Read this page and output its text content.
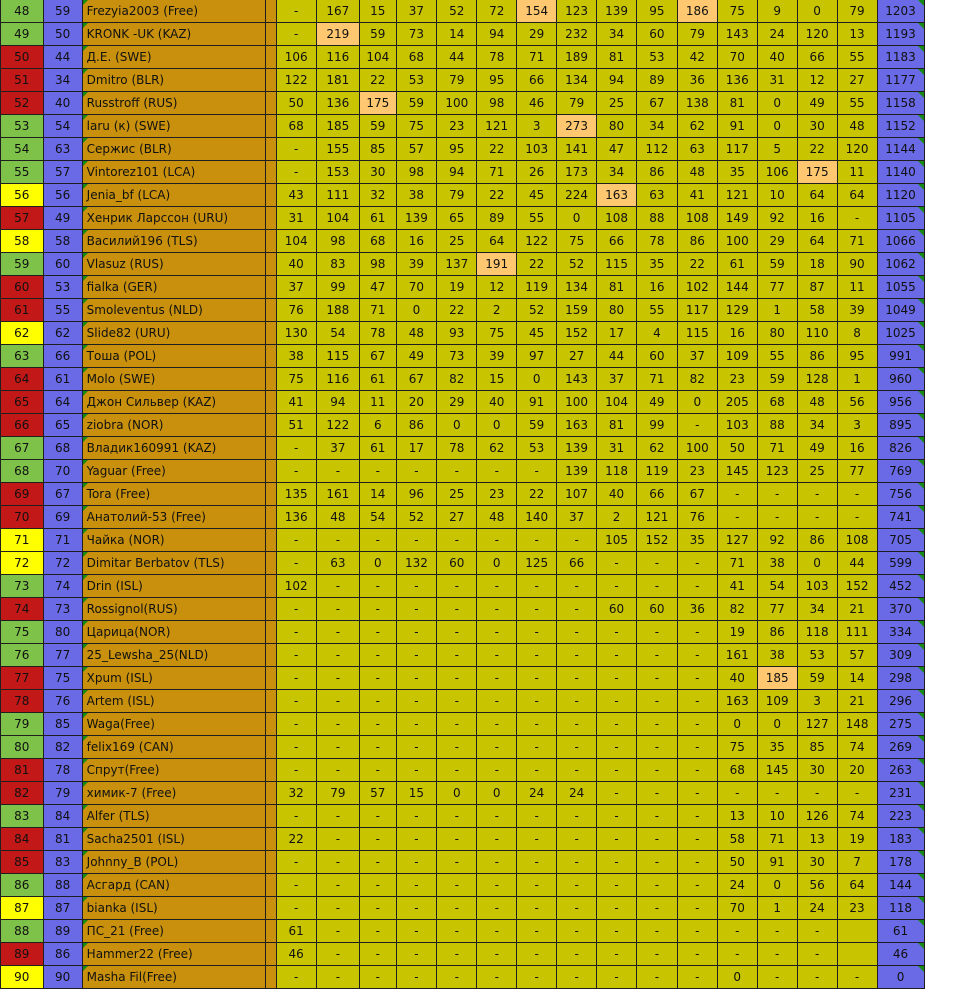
48	59	Frezyia2003 (Free)		-	167	15	37	52	72	154	123	139	95	186	75	9	0	79	1203
49	50	KRONK -UK (KAZ)		-	219	59	73	14	94	29	232	34	60	79	143	24	120	13	1193
50	44	Д.Е. (SWE)		106	116	104	68	44	78	71	189	81	53	42	70	40	66	55	1183
51	34	Dmitro (BLR)		122	181	22	53	79	95	66	134	94	89	36	136	31	12	27	1177
52	40	Russtroff (RUS)		50	136	175	59	100	98	46	79	25	67	138	81	0	49	55	1158
53	54	laru (к) (SWE)		68	185	59	75	23	121	3	273	80	34	62	91	0	30	48	1152
54	63	Сержис (BLR)		-	155	85	57	95	22	103	141	47	112	63	117	5	22	120	1144
55	57	Vintorez101 (LCA)		-	153	30	98	94	71	26	173	34	86	48	35	106	175	11	1140
56	56	Jenia_bf (LCA)		43	111	32	38	79	22	45	224	163	63	41	121	10	64	64	1120
57	49	Хенрик Ларссон (URU)		31	104	61	139	65	89	55	0	108	88	108	149	92	16	-	1105
58	58	Василий196 (TLS)		104	98	68	16	25	64	122	75	66	78	86	100	29	64	71	1066
59	60	Vlasuz (RUS)		40	83	98	39	137	191	22	52	115	35	22	61	59	18	90	1062
60	53	fialka (GER)		37	99	47	70	19	12	119	134	81	16	102	144	77	87	11	1055
61	55	Smoleventus (NLD)		76	188	71	0	22	2	52	159	80	55	117	129	1	58	39	1049
62	62	Slide82 (URU)		130	54	78	48	93	75	45	152	17	4	115	16	80	110	8	1025
63	66	Тоша (POL)		38	115	67	49	73	39	97	27	44	60	37	109	55	86	95	991
64	61	Molo (SWE)		75	116	61	67	82	15	0	143	37	71	82	23	59	128	1	960
65	64	Джон Сильвер (KAZ)		41	94	11	20	29	40	91	100	104	49	0	205	68	48	56	956
66	65	ziobra (NOR)		51	122	6	86	0	0	59	163	81	99	-	103	88	34	3	895
67	68	Владик160991 (KAZ)		-	37	61	17	78	62	53	139	31	62	100	50	71	49	16	826
68	70	Yaguar (Free)		-	-	-	-	-	-	-	139	118	119	23	145	123	25	77	769
69	67	Tora (Free)		135	161	14	96	25	23	22	107	40	66	67	-	-	-	-	756
70	69	Анатолий-53 (Free)		136	48	54	52	27	48	140	37	2	121	76	-	-	-	-	741
71	71	Чайка (NOR)		-	-	-	-	-	-	-	-	105	152	35	127	92	86	108	705
72	72	Dimitar Berbatov (TLS)		-	63	0	132	60	0	125	66	-	-	-	71	38	0	44	599
73	74	Drin (ISL)		102	-	-	-	-	-	-	-	-	-	-	41	54	103	152	452
74	73	Rossignol(RUS)		-	-	-	-	-	-	-	-	60	60	36	82	77	34	21	370
75	80	Царица(NOR)		-	-	-	-	-	-	-	-	-	-	-	19	86	118	111	334
76	77	25_Lewsha_25(NLD)		-	-	-	-	-	-	-	-	-	-	-	161	38	53	57	309
77	75	Хрum (ISL)		-	-	-	-	-	-	-	-	-	-	-	40	185	59	14	298
78	76	Artem (ISL)		-	-	-	-	-	-	-	-	-	-	-	163	109	3	21	296
79	85	Waga(Free)		-	-	-	-	-	-	-	-	-	-	-	0	0	127	148	275
80	82	felix169 (CAN)		-	-	-	-	-	-	-	-	-	-	-	75	35	85	74	269
81	78	Спрут(Free)		-	-	-	-	-	-	-	-	-	-	-	68	145	30	20	263
82	79	химик-7 (Free)		32	79	57	15	0	0	24	24	-	-	-	-	-	-	-	231
83	84	Alfer (TLS)		-	-	-	-	-	-	-	-	-	-	-	13	10	126	74	223
84	81	Sacha2501 (ISL)		22	-	-	-	-	-	-	-	-	-	-	58	71	13	19	183
85	83	Johnny_B (POL)		-	-	-	-	-	-	-	-	-	-	-	50	91	30	7	178
86	88	Асгард (CAN)		-	-	-	-	-	-	-	-	-	-	-	24	0	56	64	144
87	87	bianka (ISL)		-	-	-	-	-	-	-	-	-	-	-	70	1	24	23	118
88	89	ПС_21 (Free)		61	-	-	-	-	-	-	-	-	-	-	-	-	-		61
89	86	Hammer22 (Free)		46	-	-	-	-	-	-	-	-	-	-	-	-	-		46
90	90	Masha Fil(Free)		-	-	-	-	-	-	-	-	-	-	-	0	-	-	-	0
